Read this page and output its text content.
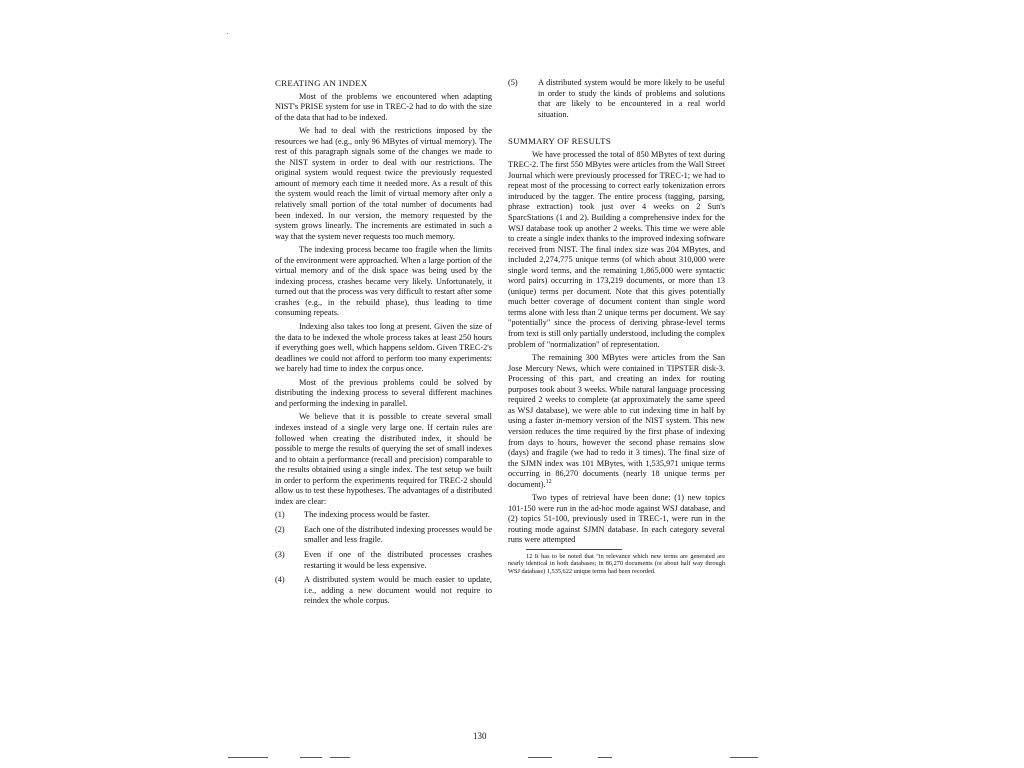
CREATING AN INDEX

Most of the problems we encountered when adapting NIST's PRISE system for use in TREC-2 had to do with the size of the data that had to be indexed.

We had to deal with the restrictions imposed by the resources we had (e.g., only 96 MBytes of virtual memory). The rest of this paragraph signals some of the changes we made to the NIST system in order to deal with our restrictions. The original system would request twice the previously requested amount of memory each time it needed more. As a result of this the system would reach the limit of virtual memory after only a relatively small portion of the total number of documents had been indexed. In our version, the memory requested by the system grows linearly. The increments are estimated in such a way that the system never requests too much memory.

The indexing process became too fragile when the limits of the environment were approached. When a large portion of the virtual memory and of the disk space was being used by the indexing process, crashes became very likely. Unfortunately, it turned out that the process was very difficult to restart after some crashes (e.g., in the rebuild phase), thus leading to time consuming repeats.

Indexing also takes too long at present. Given the size of the data to be indexed the whole process takes at least 250 hours if everything goes well, which happens seldom. Given TREC-2's deadlines we could not afford to perform too many experiments: we barely had time to index the corpus once.

Most of the previous problems could be solved by distributing the indexing process to several different machines and performing the indexing in parallel.

We believe that it is possible to create several small indexes instead of a single very large one. If certain rules are followed when creating the distributed index, it should be possible to merge the results of querying the set of small indexes and to obtain a performance (recall and precision) comparable to the results obtained using a single index. The test setup we built in order to perform the experiments required for TREC-2 should allow us to test these hypotheses. The advantages of a distributed index are clear:

(1) The indexing process would be faster.
(2) Each one of the distributed indexing processes would be smaller and less fragile.
(3) Even if one of the distributed processes crashes restarting it would be less expensive.
(4) A distributed system would be much easier to update, i.e., adding a new document would not require to reindex the whole corpus.
(5) A distributed system would be more likely to be useful in order to study the kinds of problems and solutions that are likely to be encountered in a real world situation.
SUMMARY OF RESULTS

We have processed the total of 850 MBytes of text during TREC-2. The first 550 MBytes were articles from the Wall Street Journal which were previously processed for TREC-1; we had to repeat most of the processing to correct early tokenization errors introduced by the tagger. The entire process (tagging, parsing, phrase extraction) took just over 4 weeks on 2 Sun's SparcStations (1 and 2). Building a comprehensive index for the WSJ database took up another 2 weeks. This time we were able to create a single index thanks to the improved indexing software received from NIST. The final index size was 204 MBytes, and included 2,274,775 unique terms (of which about 310,000 were single word terms, and the remaining 1,865,000 were syntactic word pairs) occurring in 173,219 documents, or more than 13 (unique) terms per document. Note that this gives potentially much better coverage of document content than single word terms alone with less than 2 unique terms per document. We say "potentially" since the process of deriving phrase-level terms from text is still only partially understood, including the complex problem of "normalization" of representation.

The remaining 300 MBytes were articles from the San Jose Mercury News, which were contained in TIPSTER disk-3. Processing of this part, and creating an index for routing purposes took about 3 weeks. While natural language processing required 2 weeks to complete (at approximately the same speed as WSJ database), we were able to cut indexing time in half by using a faster in-memory version of the NIST system. This new version reduces the time required by the first phase of indexing from days to hours, however the second phase remains slow (days) and fragile (we had to redo it 3 times). The final size of the SJMN index was 101 MBytes, with 1,535,971 unique terms occurring in 86,270 documents (nearly 18 unique terms per document).$^{12}$

Two types of retrieval have been done: (1) new topics 101-150 were run in the ad-hoc mode against WSJ database, and (2) topics 51-100, previously used in TREC-1, were run in the routing mode against SJMN database. In each category several runs were attempted

12 It has to be noted that "in relevance which new terms are generated are nearly identical in both databases; in 86,270 documents (or about half way through WSJ database) 1,535,622 unique terms had been recorded.

130
